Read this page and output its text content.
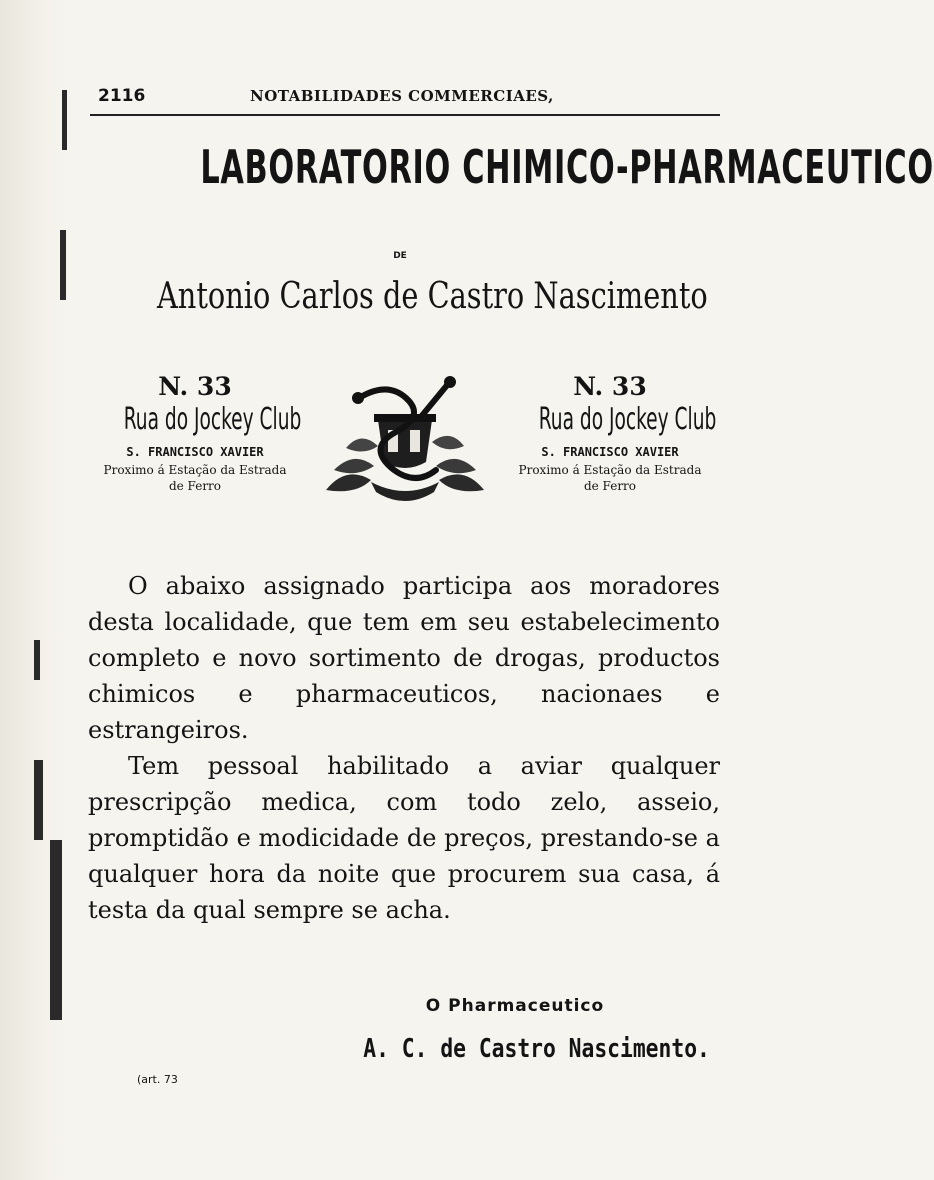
2116	NOTABILIDADES COMMERCIAES,
LABORATORIO CHIMICO-PHARMACEUTICO
DE
Antonio Carlos de Castro Nascimento
N. 33
Rua do Jockey Club
S. FRANCISCO XAVIER
Proximo á Estação da Estrada
de Ferro
N. 33
Rua do Jockey Club
S. FRANCISCO XAVIER
Proximo á Estação da Estrada
de Ferro

O abaixo assignado participa aos moradores desta localidade, que tem em seu estabelecimento completo e novo sortimento de drogas, productos chimicos e pharmaceuticos, nacionaes e estrangeiros.

Tem pessoal habilitado a aviar qualquer prescripção medica, com todo zelo, asseio, promptidão e modicidade de preços, prestando-se a qualquer hora da noite que procurem sua casa, á testa da qual sempre se acha.

O Pharmaceutico
A. C. de Castro Nascimento.
(art. 73
